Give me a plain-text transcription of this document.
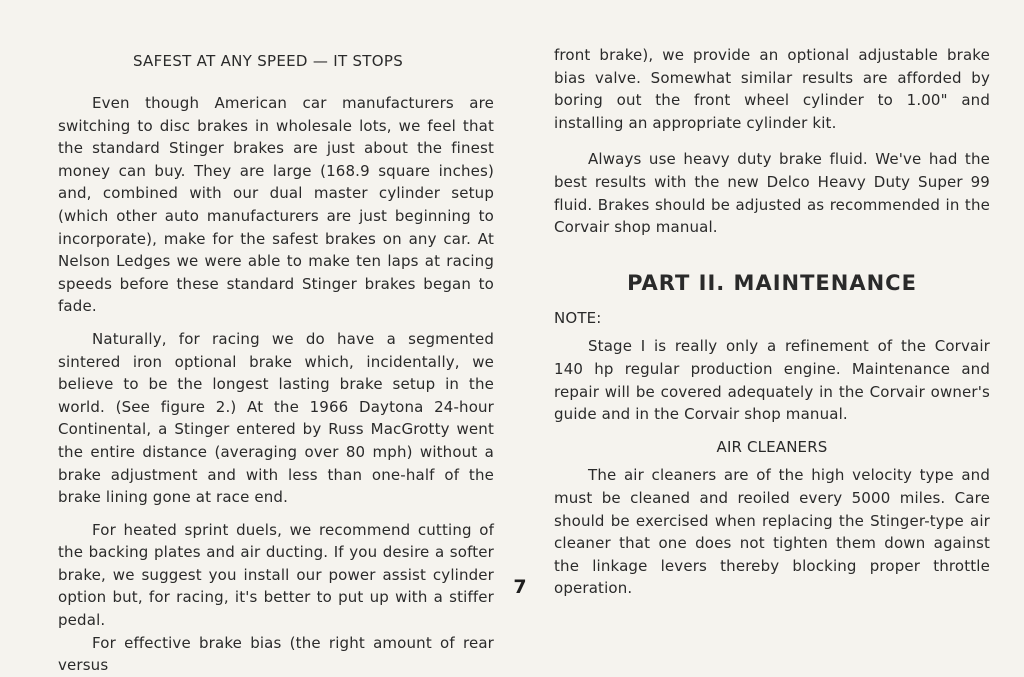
SAFEST AT ANY SPEED — IT STOPS

Even though American car manufacturers are switching to disc brakes in wholesale lots, we feel that the standard Stinger brakes are just about the finest money can buy. They are large (168.9 square inches) and, combined with our dual master cylinder setup (which other auto manufacturers are just beginning to incorporate), make for the safest brakes on any car. At Nelson Ledges we were able to make ten laps at racing speeds before these standard Stinger brakes began to fade.

Naturally, for racing we do have a segmented sintered iron optional brake which, incidentally, we believe to be the longest lasting brake setup in the world. (See figure 2.) At the 1966 Daytona 24-hour Continental, a Stinger entered by Russ MacGrotty went the entire distance (averaging over 80 mph) without a brake adjustment and with less than one-half of the brake lining gone at race end.

For heated sprint duels, we recommend cutting of the backing plates and air ducting. If you desire a softer brake, we suggest you install our power assist cylinder option but, for racing, it's better to put up with a stiffer pedal.

For effective brake bias (the right amount of rear versus

front brake), we provide an optional adjustable brake bias valve. Somewhat similar results are afforded by boring out the front wheel cylinder to 1.00" and installing an appropriate cylinder kit.

Always use heavy duty brake fluid. We've had the best results with the new Delco Heavy Duty Super 99 fluid. Brakes should be adjusted as recommended in the Corvair shop manual.

PART II. MAINTENANCE
NOTE:

Stage I is really only a refinement of the Corvair 140 hp regular production engine. Maintenance and repair will be covered adequately in the Corvair owner's guide and in the Corvair shop manual.

AIR CLEANERS

The air cleaners are of the high velocity type and must be cleaned and reoiled every 5000 miles. Care should be exercised when replacing the Stinger-type air cleaner that one does not tighten them down against the linkage levers thereby blocking proper throttle operation.

7
